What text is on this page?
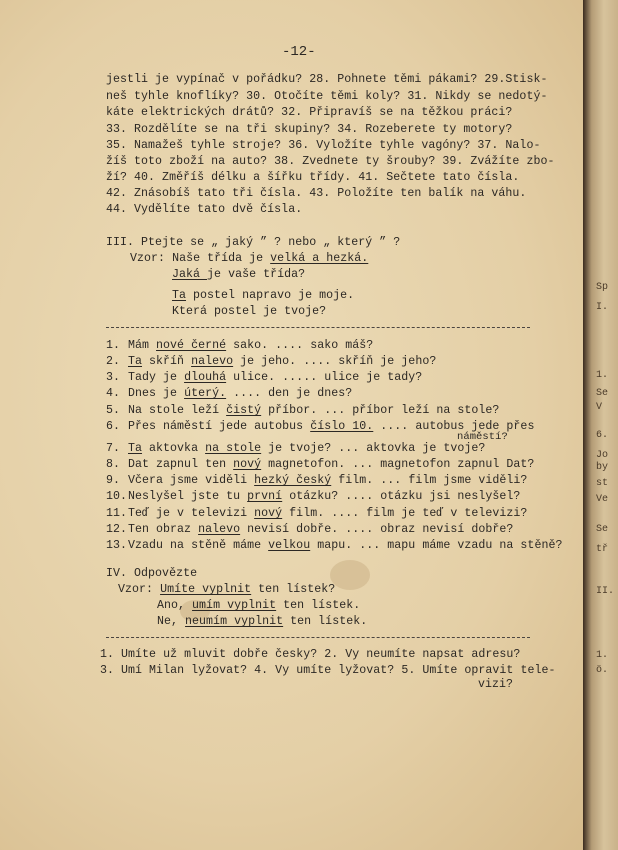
-12-
jestli je vypínač v pořádku? 28. Pohnete těmi pákami? 29.Stisk-
neš tyhle knoflíky? 30. Otočíte těmi koly? 31. Nikdy se nedotý-
káte elektrických drátů? 32. Připravíš se na těžkou práci?
33. Rozdělíte se na tři skupiny? 34. Rozeberete ty motory?
35. Namažeš tyhle stroje? 36. Vyložíte tyhle vagóny? 37. Nalo-
žíš toto zboží na auto? 38. Zvednete ty šrouby? 39. Zvážíte zbo-
ží? 40. Změříš délku a šířku třídy. 41. Sečtete tato čísla.
42. Znásobíš tato tři čísla. 43. Položíte ten balík na váhu.
44. Vydělíte tato dvě čísla.
III. Ptejte se „ jaký ” ? nebo „ který ” ?
Vzor: Naše třída je velká a hezká.
Jaká je vaše třída?
Ta postel napravo je moje.
Která postel je tvoje?
1. Mám nové černé sako. .... sako máš?
2. Ta skříň nalevo je jeho. .... skříň je jeho?
3. Tady je dlouhá ulice. ..... ulice je tady?
4. Dnes je úterý. .... den je dnes?
5. Na stole leží čistý příbor. ... příbor leží na stole?
6. Přes náměstí jede autobus číslo 10. .... autobus jede přes
7. Ta aktovka na stole je tvoje? ... aktovka je tvoje?
8. Dat zapnul ten nový magnetofon. ... magnetofon zapnul Dat?
9. Včera jsme viděli hezký český film. ... film jsme viděli?
10.Neslyšel jste tu první otázku? .... otázku jsi neslyšel?
11.Teď je v televizi nový film. .... film je teď v televizi?
12.Ten obraz nalevo nevisí dobře. .... obraz nevisí dobře?
13.Vzadu na stěně máme velkou mapu. ... mapu máme vzadu na stěně?
náměstí?
IV. Odpovězte
Vzor: Umíte vyplnit ten lístek?
Ano, umím vyplnit ten lístek.
Ne, neumím vyplnit ten lístek.
1. Umíte už mluvit dobře česky? 2. Vy neumíte napsat adresu?
3. Umí Milan lyžovat? 4. Vy umíte lyžovat? 5. Umíte opravit tele-
vizi?
Sp
I.
1.
Se
V
6.
Jo
by
st
Ve
Se
tř
II.
1.
ö.
